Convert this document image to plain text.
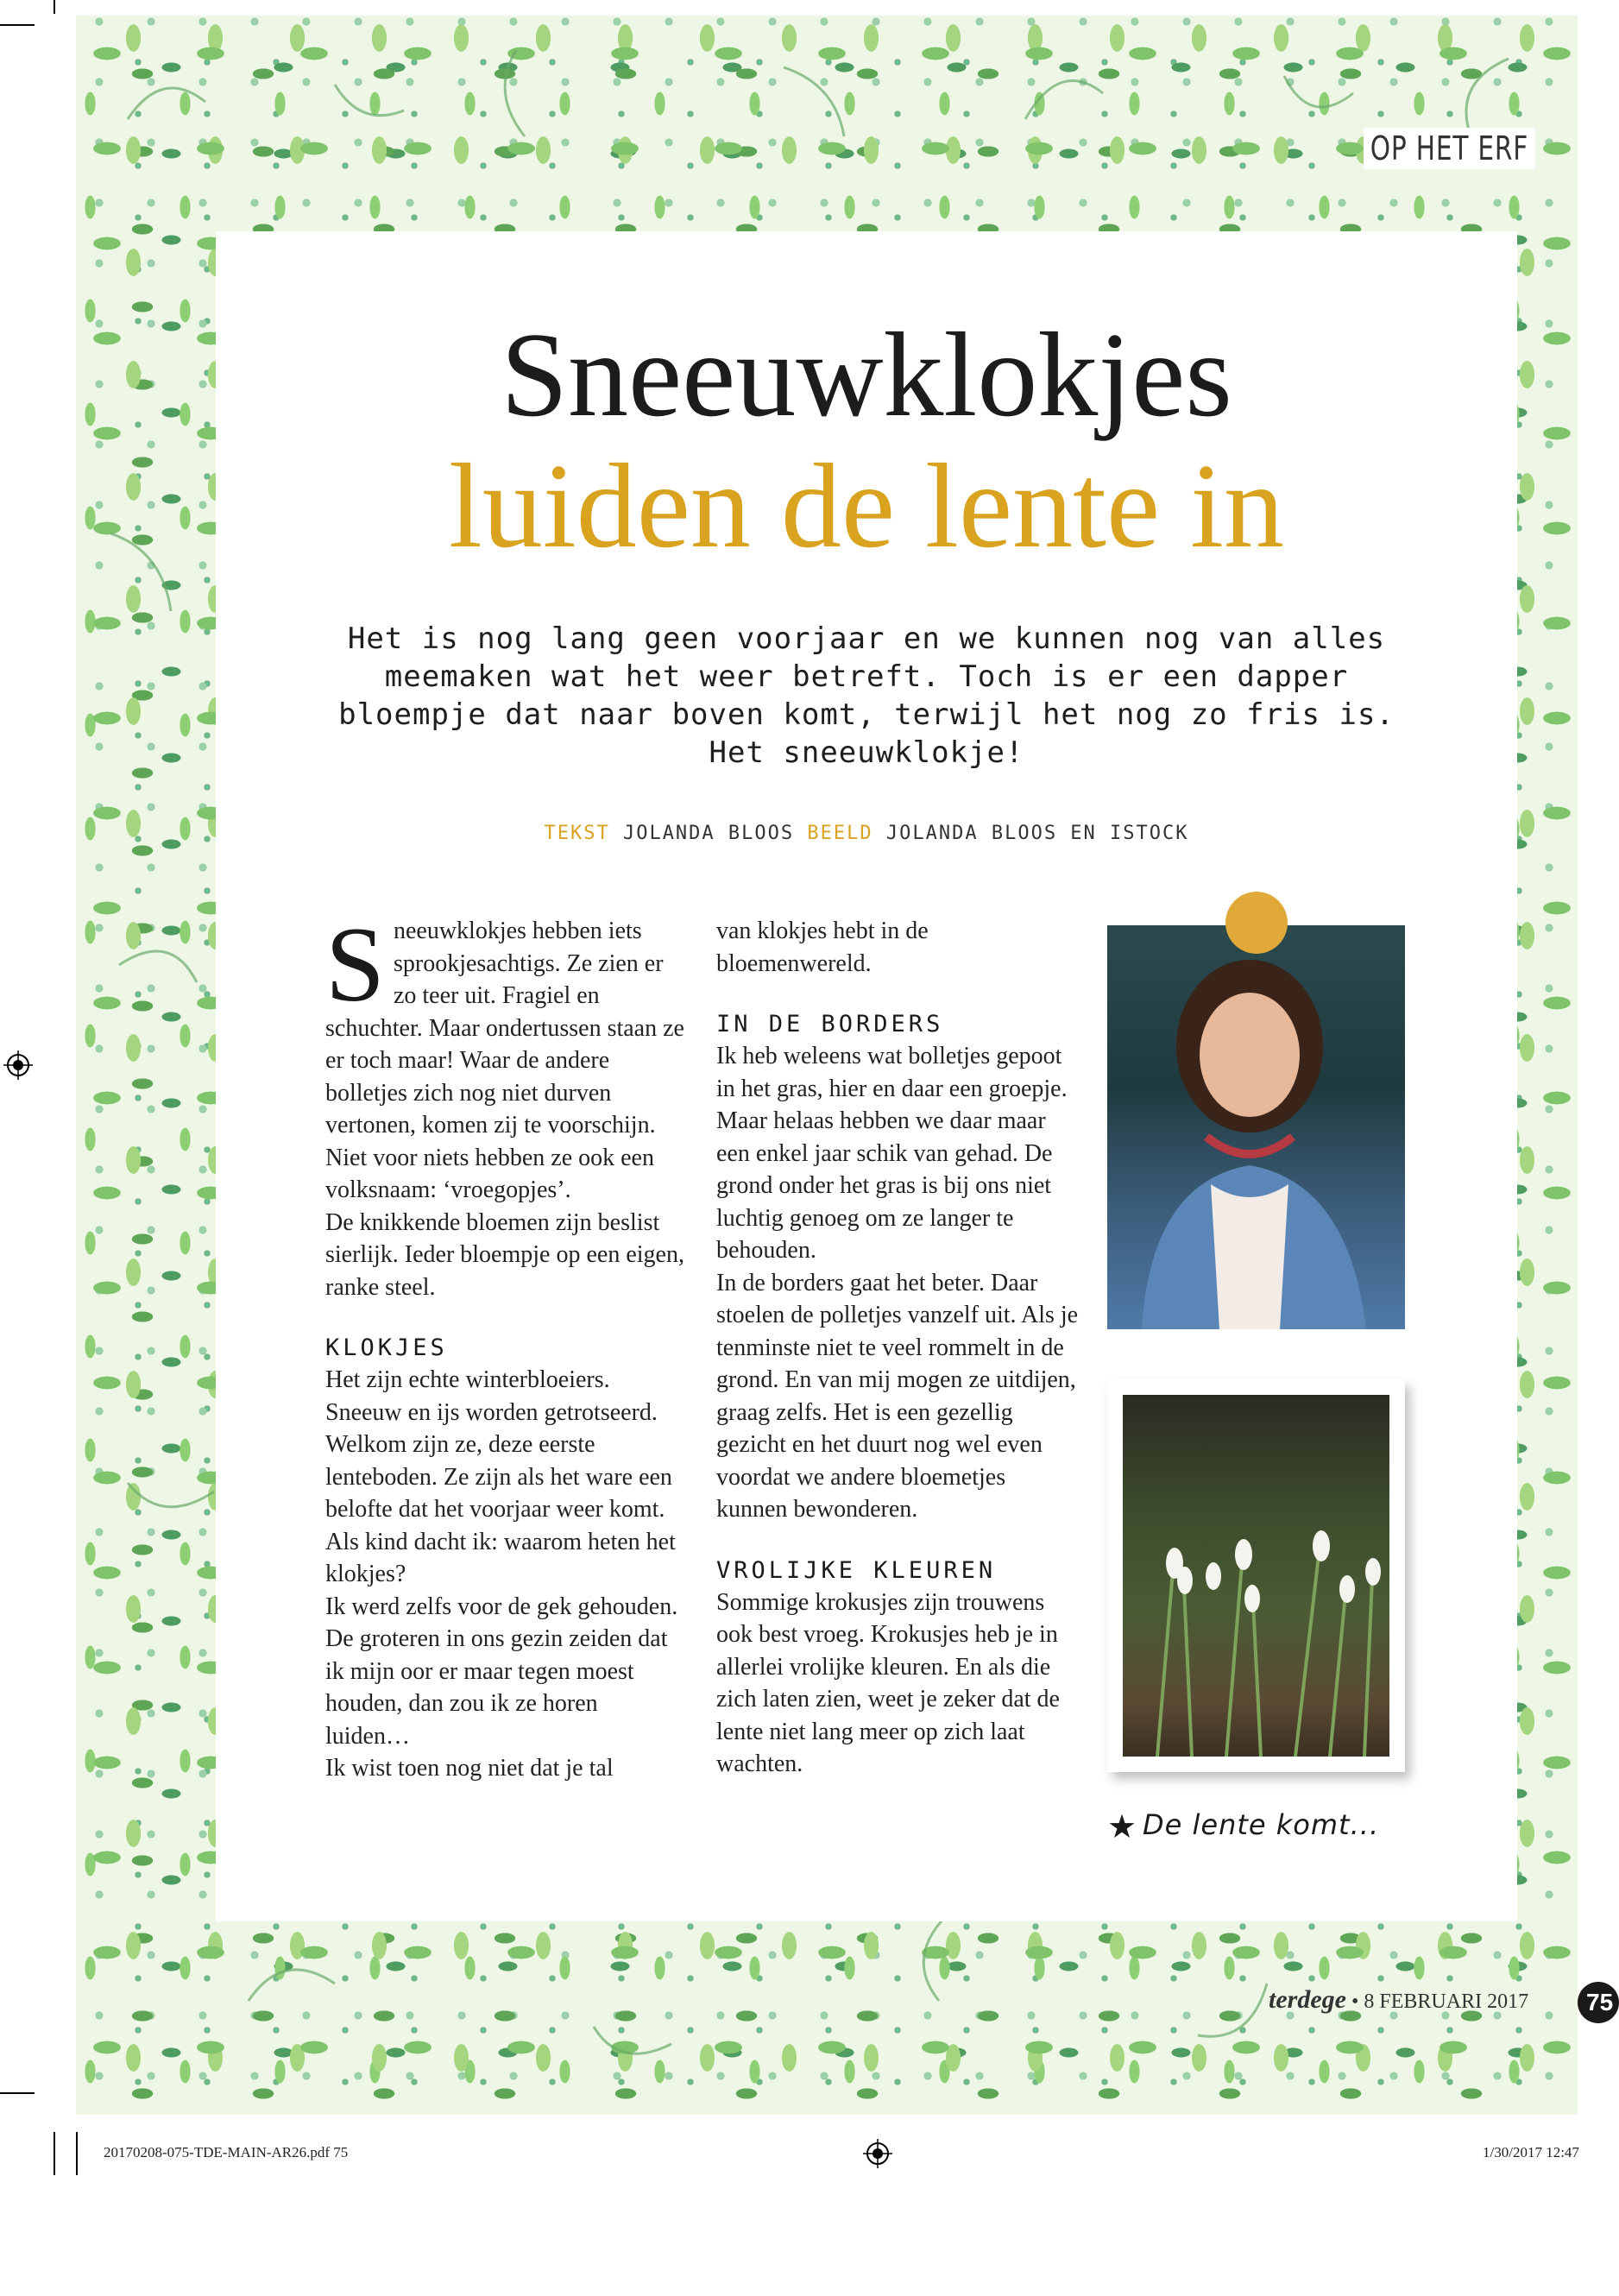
OP HET ERF
Sneeuwklokjes
luiden de lente in
Het is nog lang geen voorjaar en we kunnen nog van alles meemaken wat het weer betreft. Toch is er een dapper bloempje dat naar boven komt, terwijl het nog zo fris is. Het sneeuwklokje!
TEKST JOLANDA BLOOS BEELD JOLANDA BLOOS EN ISTOCK

Sneeuwklokjes hebben iets sprookjesachtigs. Ze zien er zo teer uit. Fragiel en schuchter. Maar ondertussen staan ze er toch maar! Waar de andere bolletjes zich nog niet durven vertonen, komen zij te voorschijn. Niet voor niets hebben ze ook een volksnaam: ‘vroegopjes’.

De knikkende bloemen zijn beslist sierlijk. Ieder bloempje op een eigen, ranke steel.

KLOKJES

Het zijn echte winterbloeiers. Sneeuw en ijs worden getrotseerd. Welkom zijn ze, deze eerste lenteboden. Ze zijn als het ware een belofte dat het voorjaar weer komt.

Als kind dacht ik: waarom heten het klokjes?

Ik werd zelfs voor de gek gehouden. De groteren in ons gezin zeiden dat ik mijn oor er maar tegen moest houden, dan zou ik ze horen luiden…

Ik wist toen nog niet dat je tal

van klokjes hebt in de bloemenwereld.

IN DE BORDERS

Ik heb weleens wat bolletjes gepoot in het gras, hier en daar een groepje. Maar helaas hebben we daar maar een enkel jaar schik van gehad. De grond onder het gras is bij ons niet luchtig genoeg om ze langer te behouden.

In de borders gaat het beter. Daar stoelen de polletjes vanzelf uit. Als je tenminste niet te veel rommelt in de grond. En van mij mogen ze uitdijen, graag zelfs. Het is een gezellig gezicht en het duurt nog wel even voordat we andere bloemetjes kunnen bewonderen.

VROLIJKE KLEUREN

Sommige krokusjes zijn trouwens ook best vroeg. Krokusjes heb je in allerlei vrolijke kleuren. En als die zich laten zien, weet je zeker dat de lente niet lang meer op zich laat wachten.

★ De lente komt...
terdege • 8 FEBRUARI 2017	75
20170208-075-TDE-MAIN-AR26.pdf 75	1/30/2017 12:47
